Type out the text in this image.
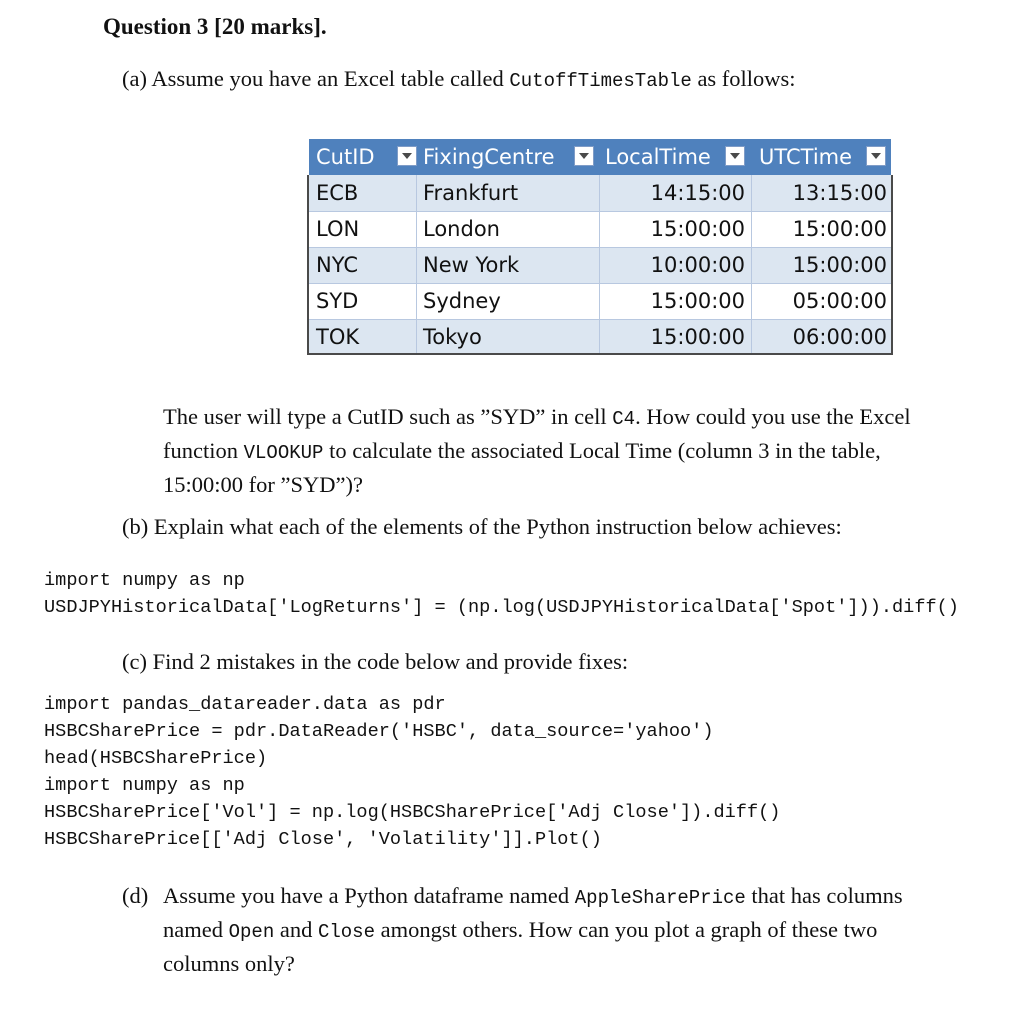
Question 3 [20 marks].
(a) Assume you have an Excel table called CutoffTimesTable as follows:
CutID FixingCentre LocalTime UTCTime
ECB	Frankfurt	14:15:00	13:15:00
LON	London	15:00:00	15:00:00
NYC	New York	10:00:00	15:00:00
SYD	Sydney	15:00:00	05:00:00
TOK	Tokyo	15:00:00	06:00:00
The user will type a CutID such as ”SYD” in cell C4. How could you use the Excel
function VLOOKUP to calculate the associated Local Time (column 3 in the table,
15:00:00 for ”SYD”)?
(b) Explain what each of the elements of the Python instruction below achieves:
import numpy as np
USDJPYHistoricalData['LogReturns'] = (np.log(USDJPYHistoricalData['Spot'])).diff()
(c) Find 2 mistakes in the code below and provide fixes:
import pandas_datareader.data as pdr
HSBCSharePrice = pdr.DataReader('HSBC', data_source='yahoo')
head(HSBCSharePrice)
import numpy as np
HSBCSharePrice['Vol'] = np.log(HSBCSharePrice['Adj Close']).diff()
HSBCSharePrice[['Adj Close', 'Volatility']].Plot()
(d) Assume you have a Python dataframe named AppleSharePrice that has columns
named Open and Close amongst others. How can you plot a graph of these two
columns only?
